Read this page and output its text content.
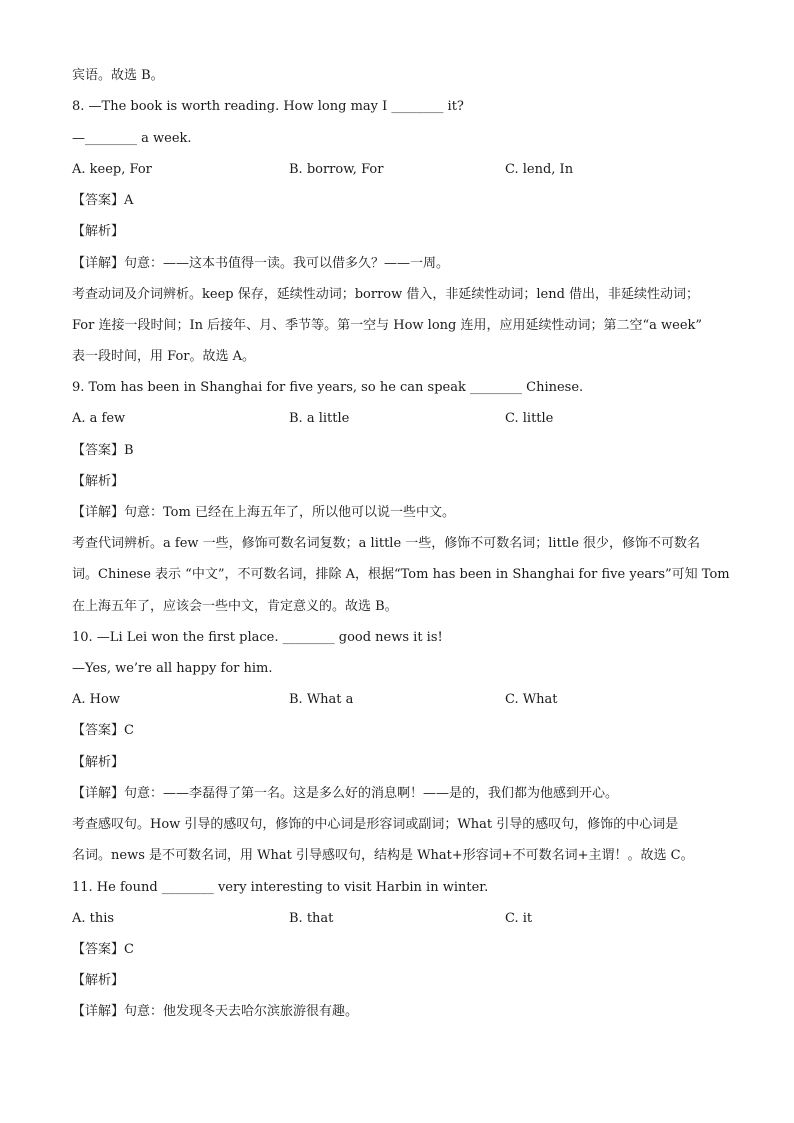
宾语。故选 B。
8. —The book is worth reading. How long may I ________ it?
—________ a week.
A. keep, For	B. borrow, For	C. lend, In
【答案】A
【解析】
【详解】句意：——这本书值得一读。我可以借多久？——一周。
考查动词及介词辨析。keep 保存，延续性动词；borrow 借入，非延续性动词；lend 借出，非延续性动词；
For 连接一段时间；In 后接年、月、季节等。第一空与 How long 连用，应用延续性动词；第二空“a week”
表一段时间，用 For。故选 A。
9. Tom has been in Shanghai for five years, so he can speak ________ Chinese.
A. a few	B. a little	C. little
【答案】B
【解析】
【详解】句意：Tom 已经在上海五年了，所以他可以说一些中文。
考查代词辨析。a few 一些，修饰可数名词复数；a little 一些，修饰不可数名词；little 很少，修饰不可数名
词。Chinese 表示 “中文”，不可数名词，排除 A，根据“Tom has been in Shanghai for five years”可知 Tom
在上海五年了，应该会一些中文，肯定意义的。故选 B。
10. —Li Lei won the first place. ________ good news it is!
—Yes, we’re all happy for him.
A. How	B. What a	C. What
【答案】C
【解析】
【详解】句意：——李磊得了第一名。这是多么好的消息啊！——是的，我们都为他感到开心。
考查感叹句。How 引导的感叹句，修饰的中心词是形容词或副词；What 引导的感叹句，修饰的中心词是
名词。news 是不可数名词，用 What 引导感叹句，结构是 What+形容词+不可数名词+主谓！。故选 C。
11. He found ________ very interesting to visit Harbin in winter.
A. this	B. that	C. it
【答案】C
【解析】
【详解】句意：他发现冬天去哈尔滨旅游很有趣。
